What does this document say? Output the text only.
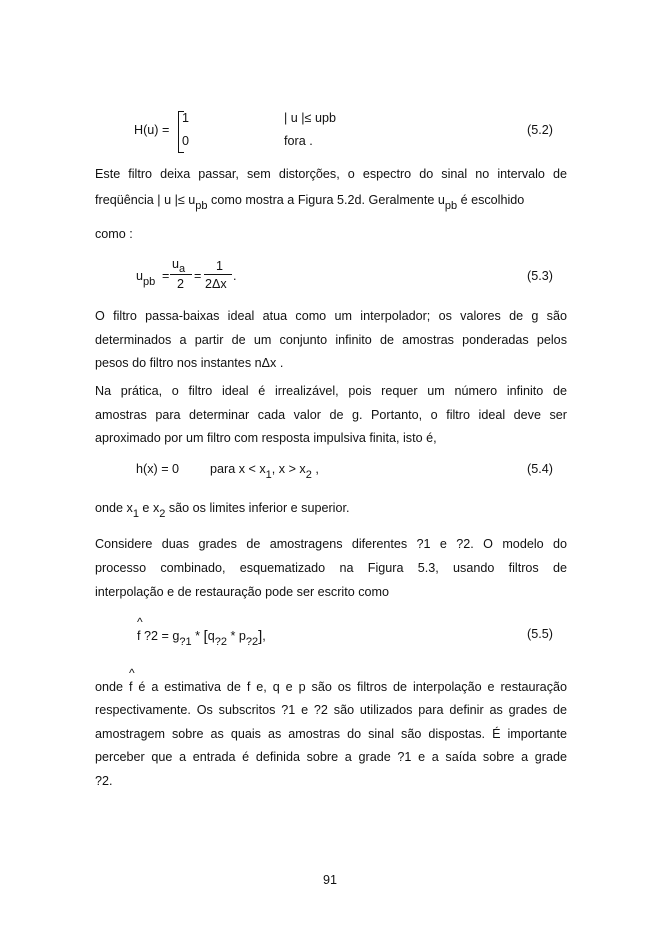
H(u) =
1	| u |≤ upb
0	fora .
(5.2)
Este filtro deixa passar, sem distorções, o espectro do sinal no intervalo de
freqüência | u |≤ upb como mostra a Figura 5.2d. Geralmente upb é escolhido
como :
upb =
ua
2
=
1
2Δx
.	(5.3)
O filtro passa-baixas ideal atua como um interpolador; os valores de g são
determinados a partir de um conjunto infinito de amostras ponderadas pelos
pesos do filtro nos instantes nΔx .
Na prática, o filtro ideal é irrealizável, pois requer um número infinito de
amostras para determinar cada valor de g. Portanto, o filtro ideal deve ser
aproximado por um filtro com resposta impulsiva finita, isto é,
h(x) = 0 para x < x1, x > x2 ,	(5.4)
onde x1 e x2 são os limites inferior e superior.
Considere duas grades de amostragens diferentes ?1 e ?2. O modelo do
processo combinado, esquematizado na Figura 5.3, usando filtros de
interpolação e de restauração pode ser escrito como
^
f ?2 = g?1 * [q?2 * p?2],	(5.5)
^
onde f é a estimativa de f e, q e p são os filtros de interpolação e restauração
respectivamente. Os subscritos ?1 e ?2 são utilizados para definir as grades de
amostragem sobre as quais as amostras do sinal são dispostas. É importante
perceber que a entrada é definida sobre a grade ?1 e a saída sobre a grade
?2.
91
